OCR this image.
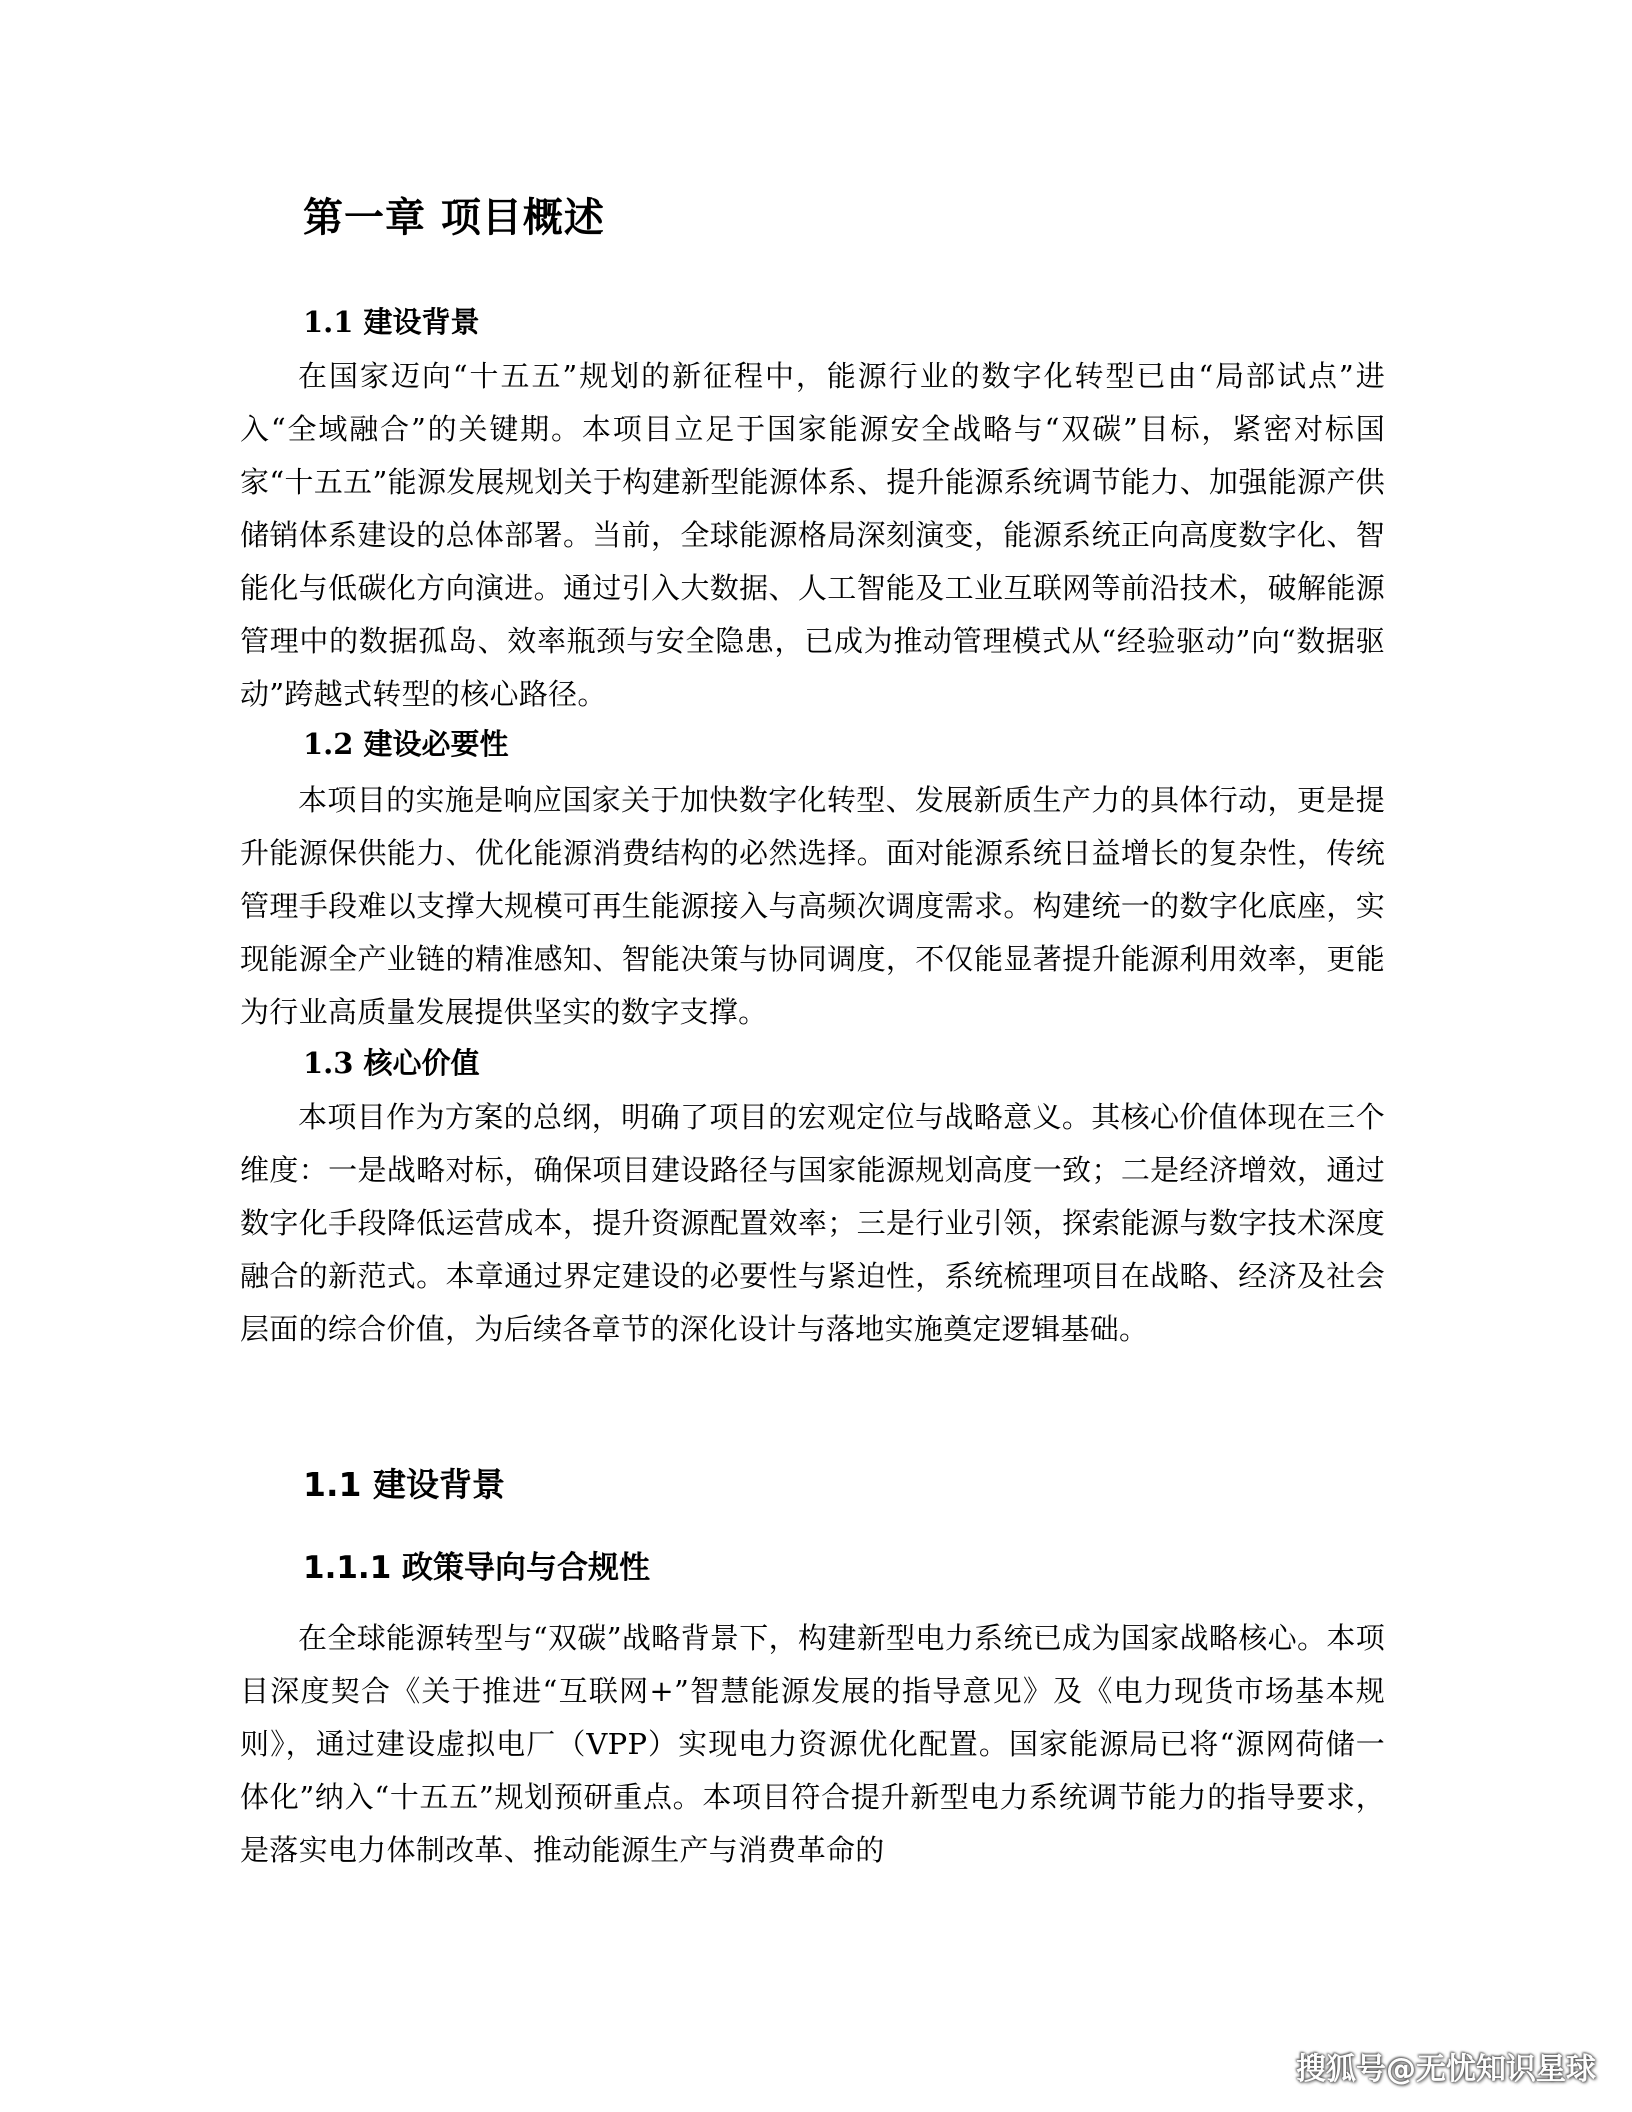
第一章 项目概述
1.1 建设背景

在国家迈向“十五五”规划的新征程中，能源行业的数字化转型已由“局部试点”进入“全域融合”的关键期。本项目立足于国家能源安全战略与“双碳”目标，紧密对标国家“十五五”能源发展规划关于构建新型能源体系、提升能源系统调节能力、加强能源产供储销体系建设的总体部署。当前，全球能源格局深刻演变，能源系统正向高度数字化、智能化与低碳化方向演进。通过引入大数据、人工智能及工业互联网等前沿技术，破解能源管理中的数据孤岛、效率瓶颈与安全隐患，已成为推动管理模式从“经验驱动”向“数据驱动”跨越式转型的核心路径。

1.2 建设必要性

本项目的实施是响应国家关于加快数字化转型、发展新质生产力的具体行动，更是提升能源保供能力、优化能源消费结构的必然选择。面对能源系统日益增长的复杂性，传统管理手段难以支撑大规模可再生能源接入与高频次调度需求。构建统一的数字化底座，实现能源全产业链的精准感知、智能决策与协同调度，不仅能显著提升能源利用效率，更能为行业高质量发展提供坚实的数字支撑。

1.3 核心价值

本项目作为方案的总纲，明确了项目的宏观定位与战略意义。其核心价值体现在三个维度：一是战略对标，确保项目建设路径与国家能源规划高度一致；二是经济增效，通过数字化手段降低运营成本，提升资源配置效率；三是行业引领，探索能源与数字技术深度融合的新范式。本章通过界定建设的必要性与紧迫性，系统梳理项目在战略、经济及社会层面的综合价值，为后续各章节的深化设计与落地实施奠定逻辑基础。

1.1 建设背景
1.1.1 政策导向与合规性

在全球能源转型与“双碳”战略背景下，构建新型电力系统已成为国家战略核心。本项目深度契合《关于推进“互联网+”智慧能源发展的指导意见》及《电力现货市场基本规则》，通过建设虚拟电厂（VPP）实现电力资源优化配置。国家能源局已将“源网荷储一体化”纳入“十五五”规划预研重点。本项目符合提升新型电力系统调节能力的指导要求，是落实电力体制改革、推动能源生产与消费革命的

搜狐号@无忧知识星球
